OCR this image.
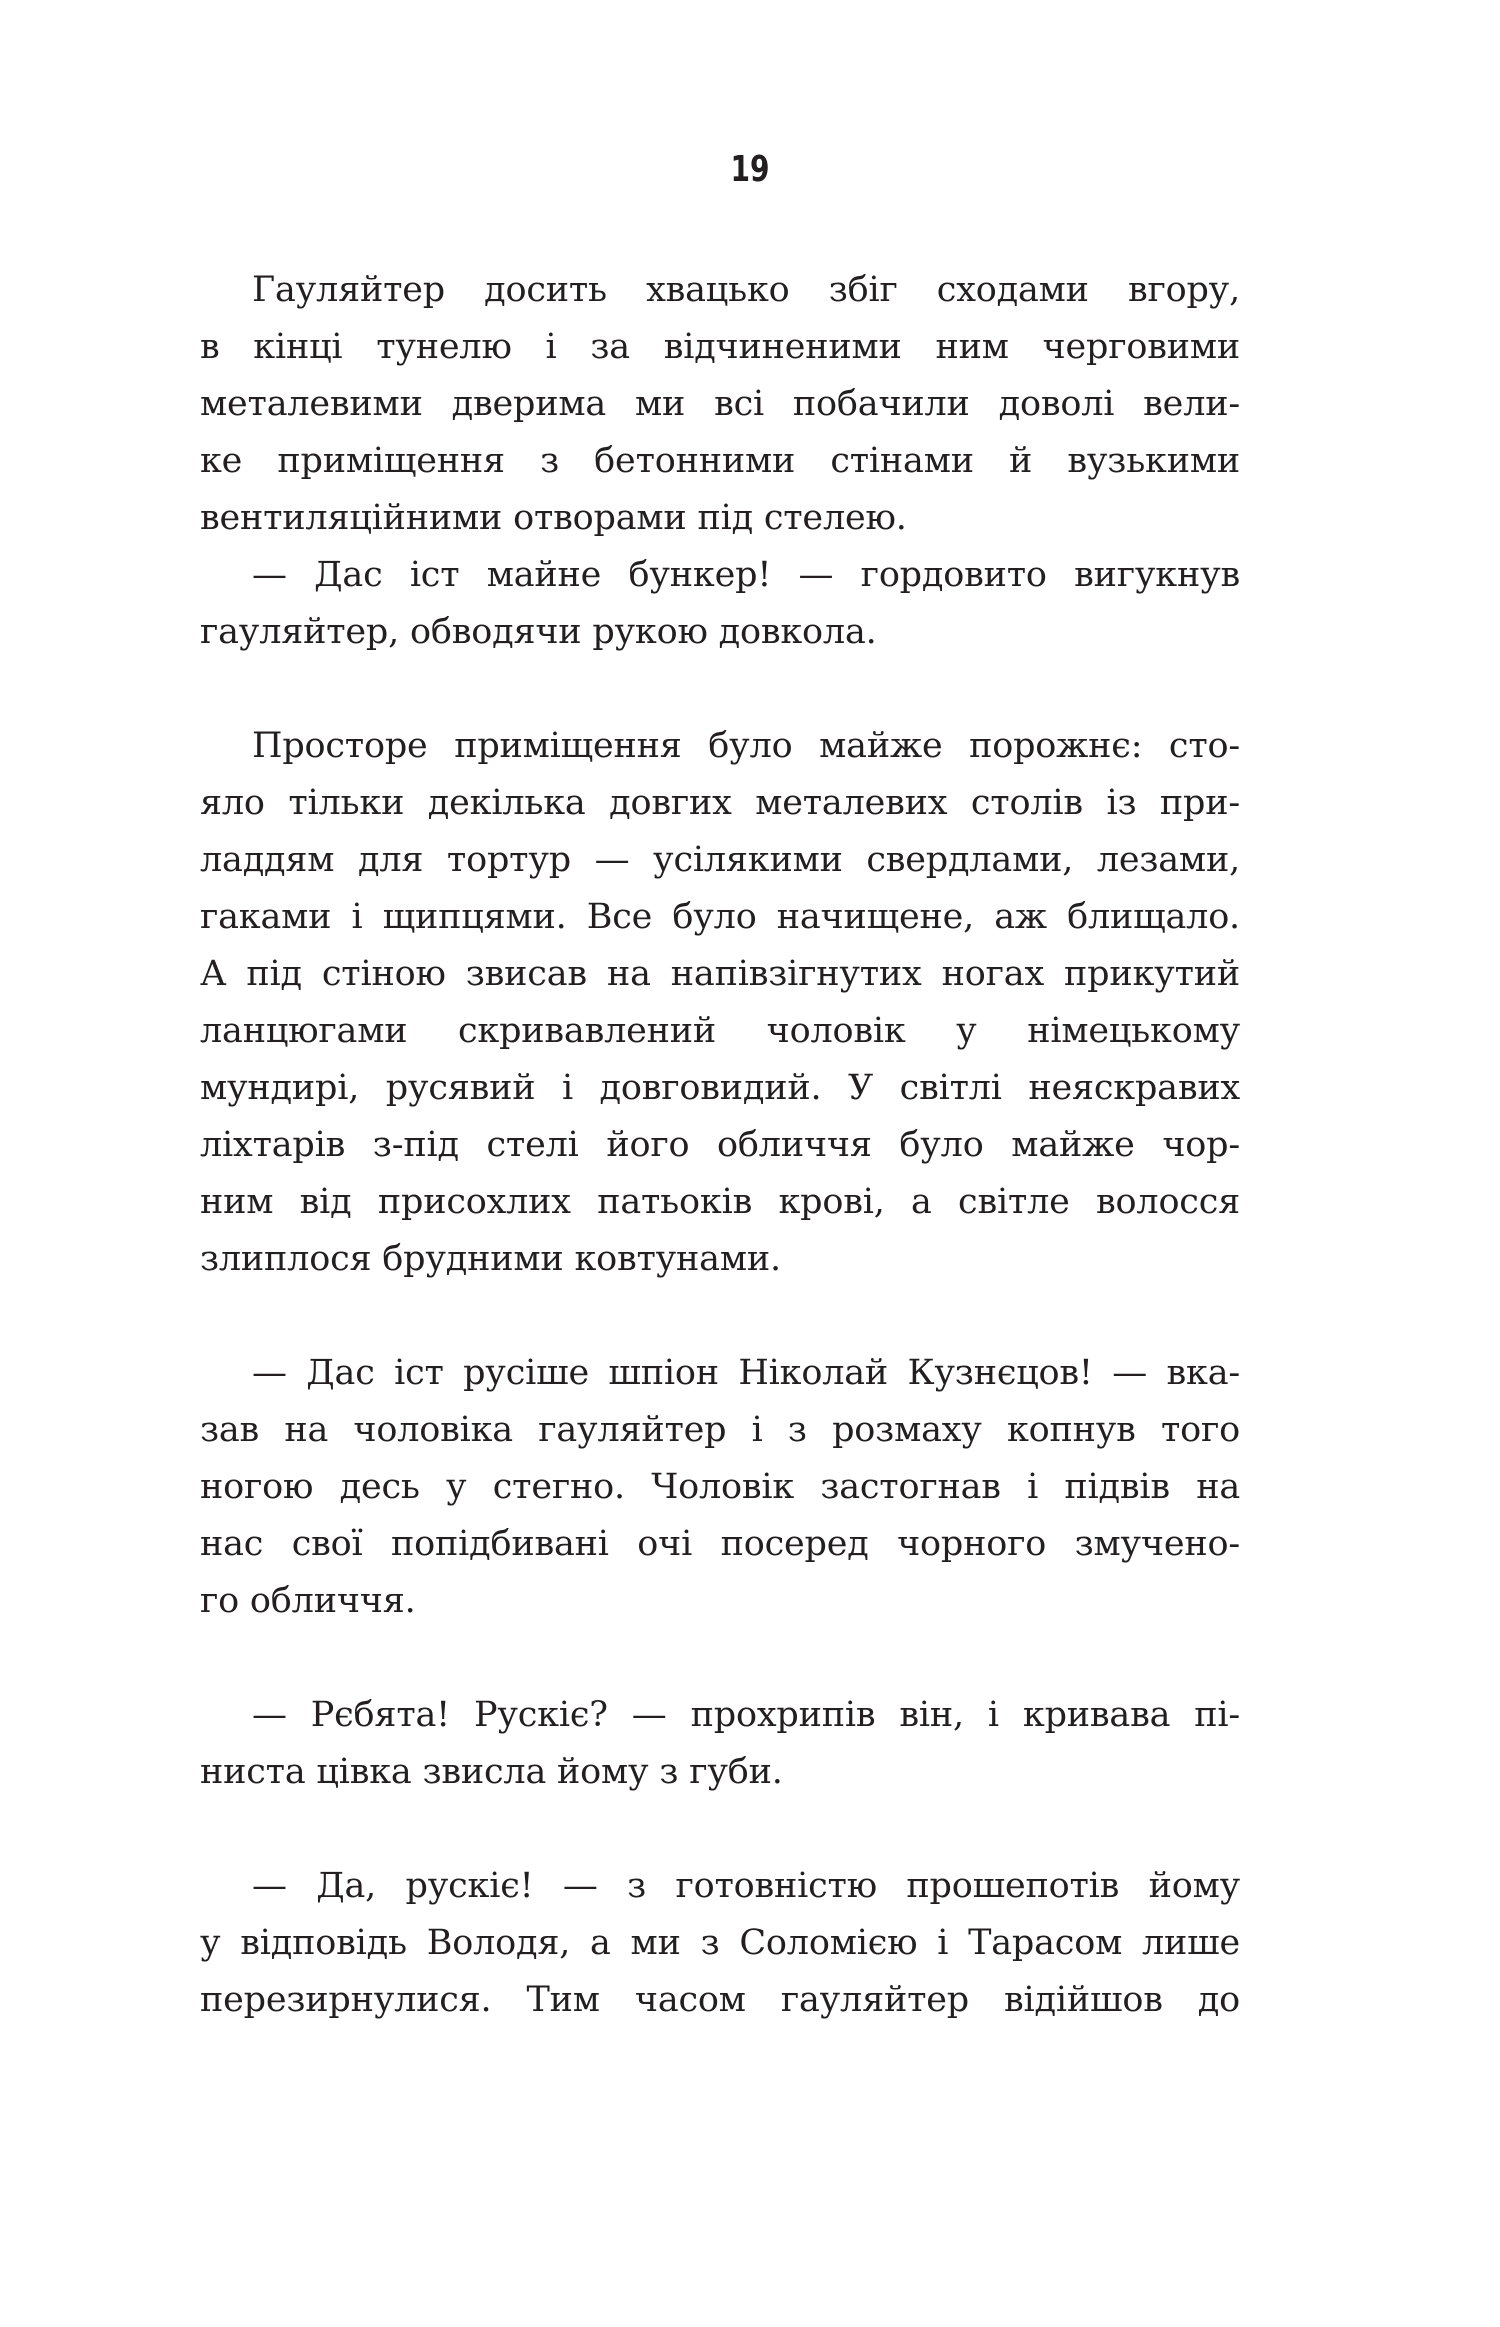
19
Гауляйтер досить хвацько збіг сходами вгору,
в кінці тунелю і за відчиненими ним черговими
металевими дверима ми всі побачили доволі вели-
ке приміщення з бетонними стінами й вузькими
вентиляційними отворами під стелею.
— Дас іст майне бункер! — гордовито вигукнув
гауляйтер, обводячи рукою довкола.
Просторе приміщення було майже порожнє: сто-
яло тільки декілька довгих металевих столів із при-
ладдям для тортур — усілякими свердлами, лезами,
гаками і щипцями. Все було начищене, аж блищало.
А під стіною звисав на напівзігнутих ногах прикутий
ланцюгами скривавлений чоловік у німецькому
мундирі, русявий і довговидий. У світлі неяскравих
ліхтарів з-під стелі його обличчя було майже чор-
ним від присохлих патьоків крові, а світле волосся
злиплося брудними ковтунами.
— Дас іст русіше шпіон Ніколай Кузнєцов! — вка-
зав на чоловіка гауляйтер і з розмаху копнув того
ногою десь у стегно. Чоловік застогнав і підвів на
нас свої попідбивані очі посеред чорного змучено-
го обличчя.
— Рєбята! Рускіє? — прохрипів він, і кривава пі-
ниста цівка звисла йому з губи.
— Да, рускіє! — з готовністю прошепотів йому
у відповідь Володя, а ми з Соломією і Тарасом лише
перезирнулися. Тим часом гауляйтер відійшов до
